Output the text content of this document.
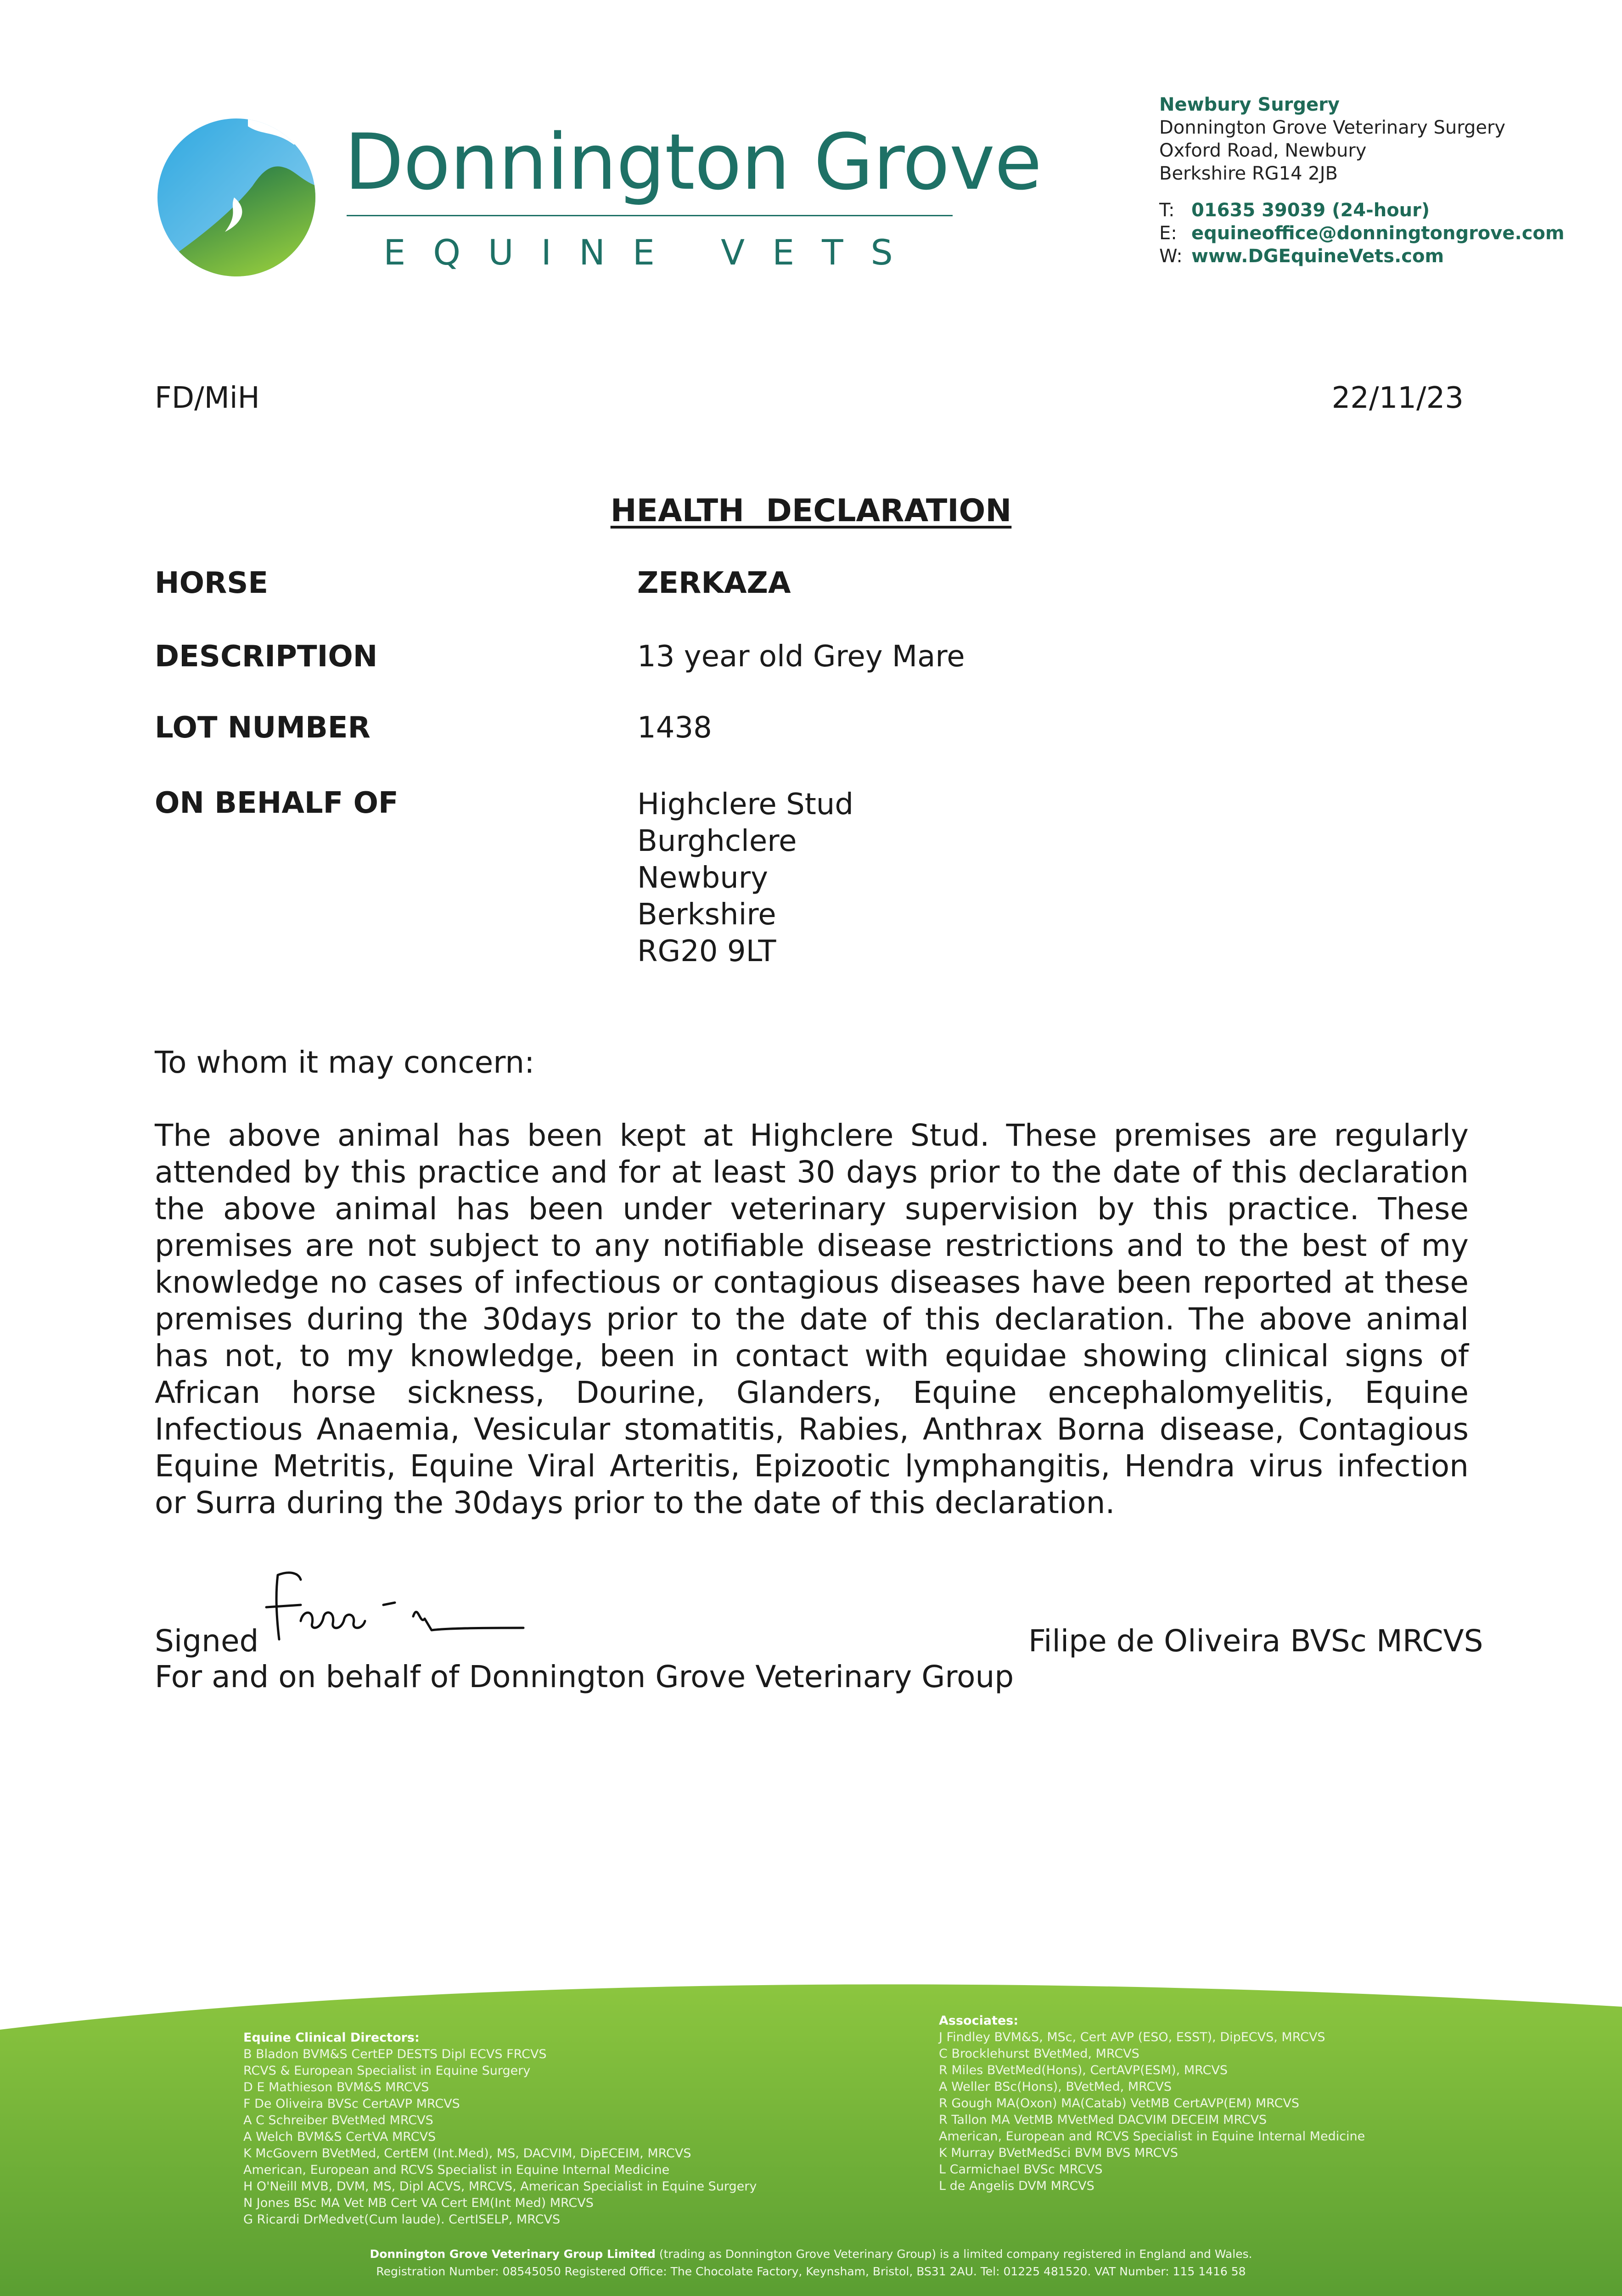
Donnington Grove
EQUINE VETS
Newbury Surgery
Donnington Grove Veterinary Surgery
Oxford Road, Newbury
Berkshire RG14 2JB
T: 01635 39039 (24-hour)
E: equineoffice@donningtongrove.com
W: www.DGEquineVets.com
FD/MiH	22/11/23
HEALTH  DECLARATION
HORSE	ZERKAZA
DESCRIPTION	13 year old Grey Mare
LOT NUMBER	1438
ON BEHALF OF	Highclere Stud
Burghclere
Newbury
Berkshire
RG20 9LT
To whom it may concern:
The above animal has been kept at Highclere Stud. These premises are regularly attended by this practice and for at least 30 days prior to the date of this declaration the above animal has been under veterinary supervision by this practice. These premises are not subject to any notifiable disease restrictions and to the best of my knowledge no cases of infectious or contagious diseases have been reported at these premises during the 30days prior to the date of this declaration. The above animal has not, to my knowledge, been in contact with equidae showing clinical signs of African horse sickness, Dourine, Glanders, Equine encephalomyelitis, Equine Infectious Anaemia, Vesicular stomatitis, Rabies, Anthrax Borna disease, Contagious Equine Metritis, Equine Viral Arteritis, Epizootic lymphangitis, Hendra virus infection or Surra during the 30days prior to the date of this declaration.
Signed	Filipe de Oliveira BVSc MRCVS
For and on behalf of Donnington Grove Veterinary Group
Equine Clinical Directors:
B Bladon BVM&S CertEP DESTS Dipl ECVS FRCVS
RCVS & European Specialist in Equine Surgery
D E Mathieson BVM&S MRCVS
F De Oliveira BVSc CertAVP MRCVS
A C Schreiber BVetMed MRCVS
A Welch BVM&S CertVA MRCVS
K McGovern BVetMed, CertEM (Int.Med), MS, DACVIM, DipECEIM, MRCVS
American, European and RCVS Specialist in Equine Internal Medicine
H O'Neill MVB, DVM, MS, Dipl ACVS, MRCVS, American Specialist in Equine Surgery
N Jones BSc MA Vet MB Cert VA Cert EM(Int Med) MRCVS
G Ricardi DrMedvet(Cum laude). CertISELP, MRCVS
Associates:
J Findley BVM&S, MSc, Cert AVP (ESO, ESST), DipECVS, MRCVS
C Brocklehurst BVetMed, MRCVS
R Miles BVetMed(Hons), CertAVP(ESM), MRCVS
A Weller BSc(Hons), BVetMed, MRCVS
R Gough MA(Oxon) MA(Catab) VetMB CertAVP(EM) MRCVS
R Tallon MA VetMB MVetMed DACVIM DECEIM MRCVS
American, European and RCVS Specialist in Equine Internal Medicine
K Murray BVetMedSci BVM BVS MRCVS
L Carmichael BVSc MRCVS
L de Angelis DVM MRCVS
Donnington Grove Veterinary Group Limited (trading as Donnington Grove Veterinary Group) is a limited company registered in England and Wales.
Registration Number: 08545050 Registered Office: The Chocolate Factory, Keynsham, Bristol, BS31 2AU. Tel: 01225 481520. VAT Number: 115 1416 58
